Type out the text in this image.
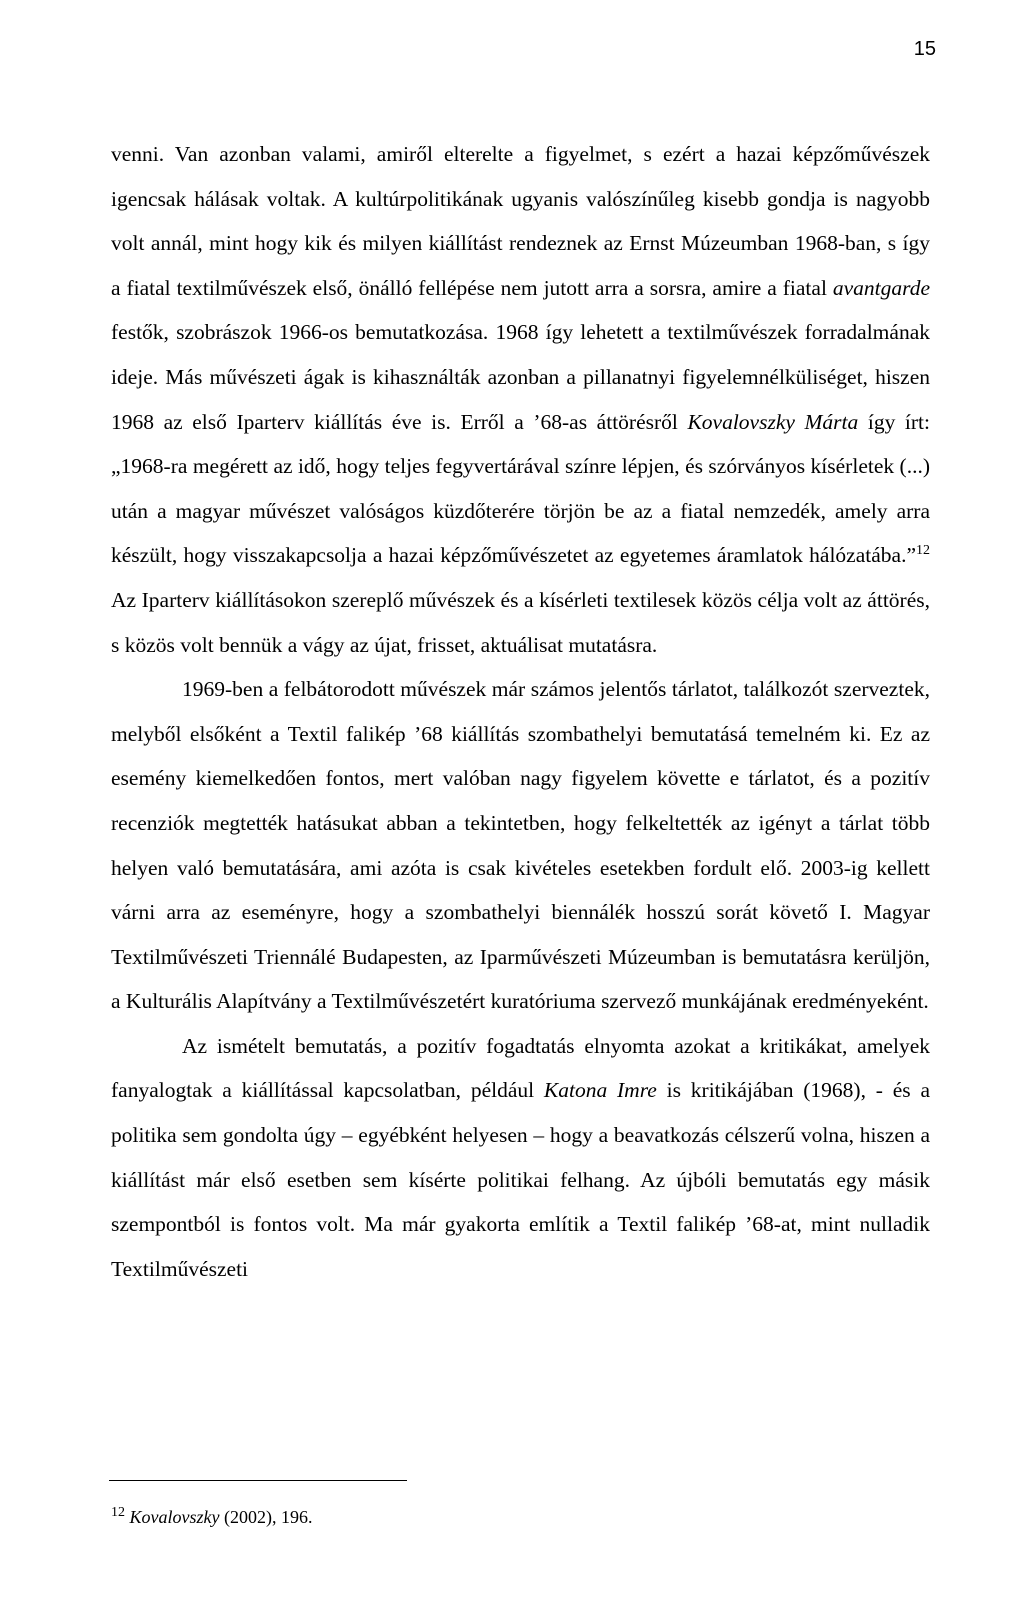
15

venni. Van azonban valami, amiről elterelte a figyelmet, s ezért a hazai képzőművészek igencsak hálásak voltak. A kultúrpolitikának ugyanis valószínűleg kisebb gondja is nagyobb volt annál, mint hogy kik és milyen kiállítást rendeznek az Ernst Múzeumban 1968-ban, s így a fiatal textilművészek első, önálló fellépése nem jutott arra a sorsra, amire a fiatal avantgarde festők, szobrászok 1966-os bemutatkozása. 1968 így lehetett a textilművészek forradalmának ideje. Más művészeti ágak is kihasználták azonban a pillanatnyi figyelemnélküliséget, hiszen 1968 az első Iparterv kiállítás éve is. Erről a ’68-as áttörésről Kovalovszky Márta így írt: „1968-ra megérett az idő, hogy teljes fegyvertárával színre lépjen, és szórványos kísérletek (...) után a magyar művészet valóságos küzdőterére törjön be az a fiatal nemzedék, amely arra készült, hogy visszakapcsolja a hazai képzőművészetet az egyetemes áramlatok hálózatába.”$^{12}$ Az Iparterv kiállításokon szereplő művészek és a kísérleti textilesek közös célja volt az áttörés, s közös volt bennük a vágy az újat, frisset, aktuálisat mutatásra.

1969-ben a felbátorodott művészek már számos jelentős tárlatot, találkozót szerveztek, melyből elsőként a Textil falikép ’68 kiállítás szombathelyi bemutatásá temelném ki. Ez az esemény kiemelkedően fontos, mert valóban nagy figyelem követte e tárlatot, és a pozitív recenziók megtették hatásukat abban a tekintetben, hogy felkeltették az igényt a tárlat több helyen való bemutatására, ami azóta is csak kivételes esetekben fordult elő. 2003-ig kellett várni arra az eseményre, hogy a szombathelyi biennálék hosszú sorát követő I. Magyar Textilművészeti Triennálé Budapesten, az Iparművészeti Múzeumban is bemutatásra kerüljön, a Kulturális Alapítvány a Textilművészetért kuratóriuma szervező munkájának eredményeként.

Az ismételt bemutatás, a pozitív fogadtatás elnyomta azokat a kritikákat, amelyek fanyalogtak a kiállítással kapcsolatban, például Katona Imre is kritikájában (1968), - és a politika sem gondolta úgy – egyébként helyesen – hogy a beavatkozás célszerű volna, hiszen a kiállítást már első esetben sem kísérte politikai felhang. Az újbóli bemutatás egy másik szempontból is fontos volt. Ma már gyakorta említik a Textil falikép ’68-at, mint nulladik Textilművészeti

$^{12}$ Kovalovszky (2002), 196.
